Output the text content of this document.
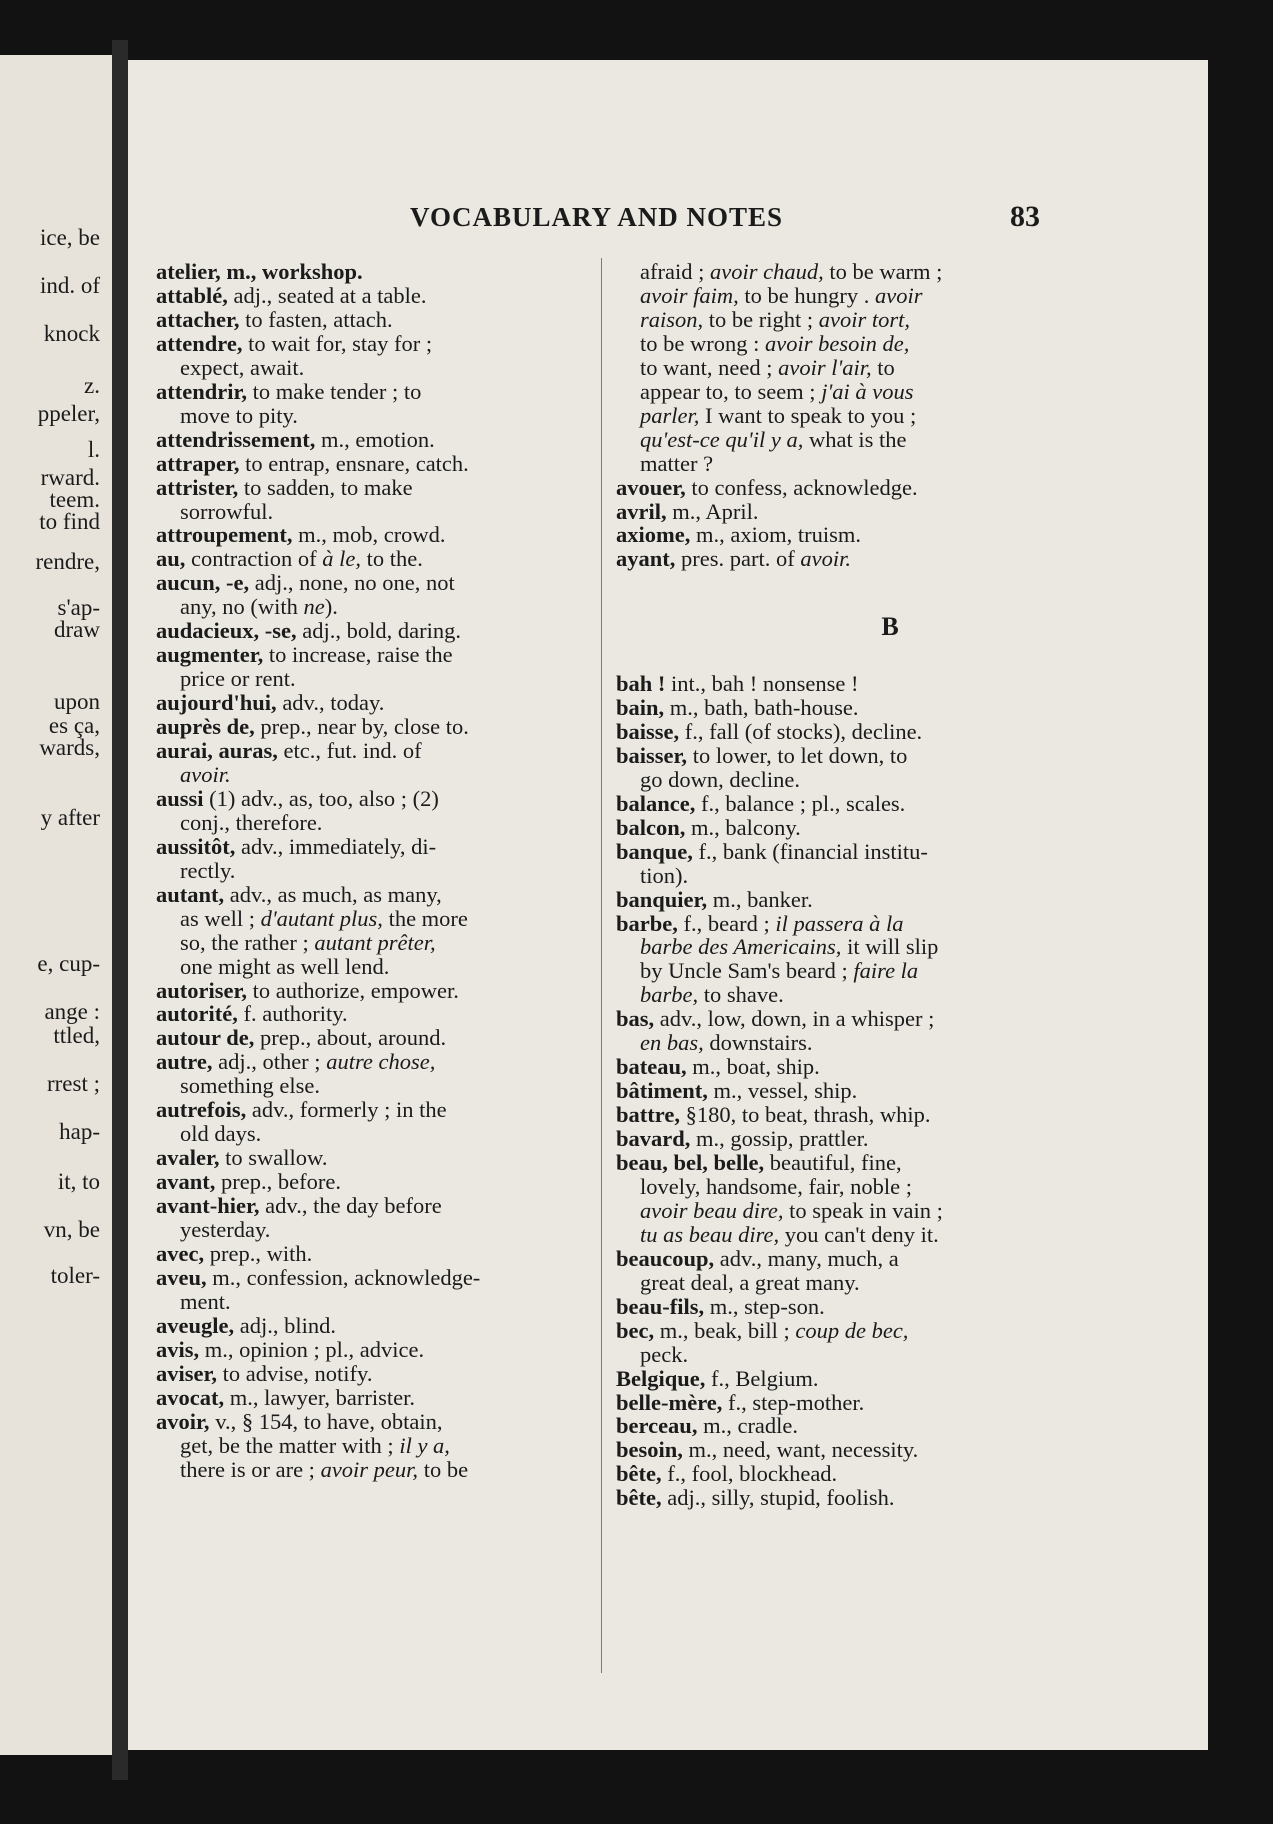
ice, be
ind. of
knock
z.
ppeler,
l.
rward.
teem.
to find
rendre,
s'ap-
draw
upon
es ça,
wards,
y after
e, cup-
ange :
ttled,
rrest ;
hap-
it, to
vn, be
toler-
VOCABULARY AND NOTES	83
atelier, m., workshop.
attablé, adj., seated at a table.
attacher, to fasten, attach.
attendre, to wait for, stay for ;
expect, await.
attendrir, to make tender ; to
move to pity.
attendrissement, m., emotion.
attraper, to entrap, ensnare, catch.
attrister, to sadden, to make
sorrowful.
attroupement, m., mob, crowd.
au, contraction of à le, to the.
aucun, -e, adj., none, no one, not
any, no (with ne).
audacieux, -se, adj., bold, daring.
augmenter, to increase, raise the
price or rent.
aujourd'hui, adv., today.
auprès de, prep., near by, close to.
aurai, auras, etc., fut. ind. of
avoir.
aussi (1) adv., as, too, also ; (2)
conj., therefore.
aussitôt, adv., immediately, di-
rectly.
autant, adv., as much, as many,
as well ; d'autant plus, the more
so, the rather ; autant prêter,
one might as well lend.
autoriser, to authorize, empower.
autorité, f. authority.
autour de, prep., about, around.
autre, adj., other ; autre chose,
something else.
autrefois, adv., formerly ; in the
old days.
avaler, to swallow.
avant, prep., before.
avant-hier, adv., the day before
yesterday.
avec, prep., with.
aveu, m., confession, acknowledge-
ment.
aveugle, adj., blind.
avis, m., opinion ; pl., advice.
aviser, to advise, notify.
avocat, m., lawyer, barrister.
avoir, v., § 154, to have, obtain,
get, be the matter with ; il y a,
there is or are ; avoir peur, to be
afraid ; avoir chaud, to be warm ;
avoir faim, to be hungry . avoir
raison, to be right ; avoir tort,
to be wrong : avoir besoin de,
to want, need ; avoir l'air, to
appear to, to seem ; j'ai à vous
parler, I want to speak to you ;
qu'est-ce qu'il y a, what is the
matter ?
avouer, to confess, acknowledge.
avril, m., April.
axiome, m., axiom, truism.
ayant, pres. part. of avoir.
B
bah ! int., bah ! nonsense !
bain, m., bath, bath-house.
baisse, f., fall (of stocks), decline.
baisser, to lower, to let down, to
go down, decline.
balance, f., balance ; pl., scales.
balcon, m., balcony.
banque, f., bank (financial institu-
tion).
banquier, m., banker.
barbe, f., beard ; il passera à la
barbe des Americains, it will slip
by Uncle Sam's beard ; faire la
barbe, to shave.
bas, adv., low, down, in a whisper ;
en bas, downstairs.
bateau, m., boat, ship.
bâtiment, m., vessel, ship.
battre, §180, to beat, thrash, whip.
bavard, m., gossip, prattler.
beau, bel, belle, beautiful, fine,
lovely, handsome, fair, noble ;
avoir beau dire, to speak in vain ;
tu as beau dire, you can't deny it.
beaucoup, adv., many, much, a
great deal, a great many.
beau-fils, m., step-son.
bec, m., beak, bill ; coup de bec,
peck.
Belgique, f., Belgium.
belle-mère, f., step-mother.
berceau, m., cradle.
besoin, m., need, want, necessity.
bête, f., fool, blockhead.
bête, adj., silly, stupid, foolish.
